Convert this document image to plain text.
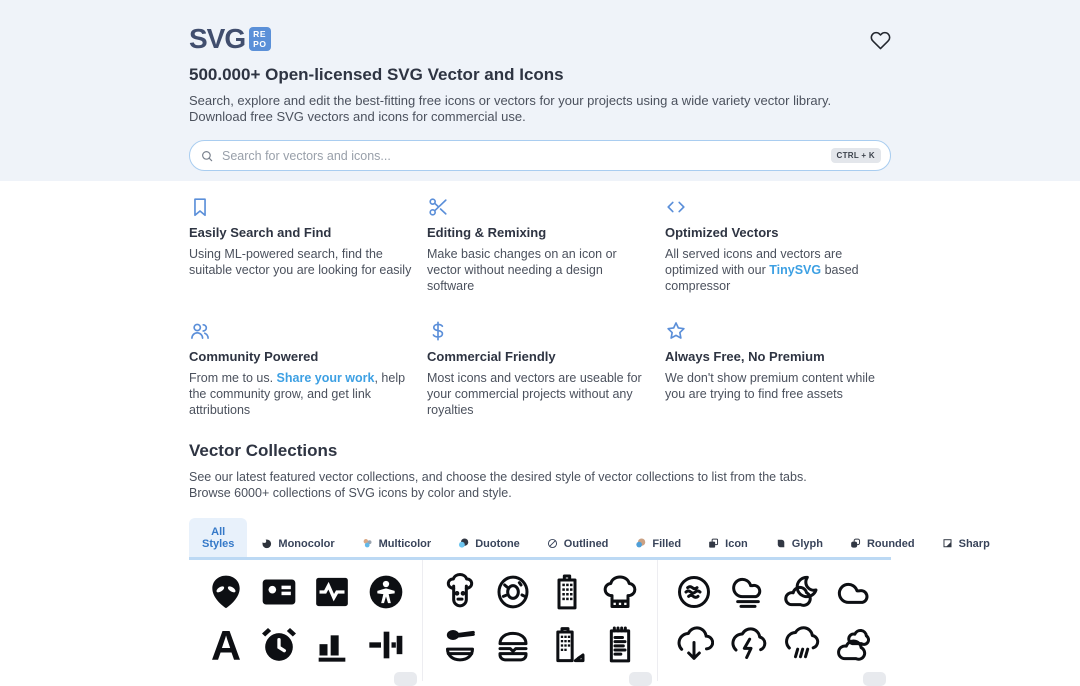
SVG RE
PO
500.000+ Open-licensed SVG Vector and Icons
Search, explore and edit the best-fitting free icons or vectors for your projects using a wide variety vector library.
Download free SVG vectors and icons for commercial use.
Search for vectors and icons...
CTRL + K
Easily Search and Find
Using ML-powered search, find the suitable vector you are looking for easily
Editing & Remixing
Make basic changes on an icon or vector without needing a design software
Optimized Vectors
All served icons and vectors are optimized with our TinySVG based compressor
Community Powered
From me to us. Share your work, help the community grow, and get link attributions
Commercial Friendly
Most icons and vectors are useable for your commercial projects without any royalties
Always Free, No Premium
We don't show premium content while you are trying to find free assets
Vector Collections
See our latest featured vector collections, and choose the desired style of vector collections to list from the tabs.
Browse 6000+ collections of SVG icons by color and style.
All Styles	Monocolor	Multicolor	Duotone	Outlined	Filled	Icon	Glyph	Rounded	Sharp
A
